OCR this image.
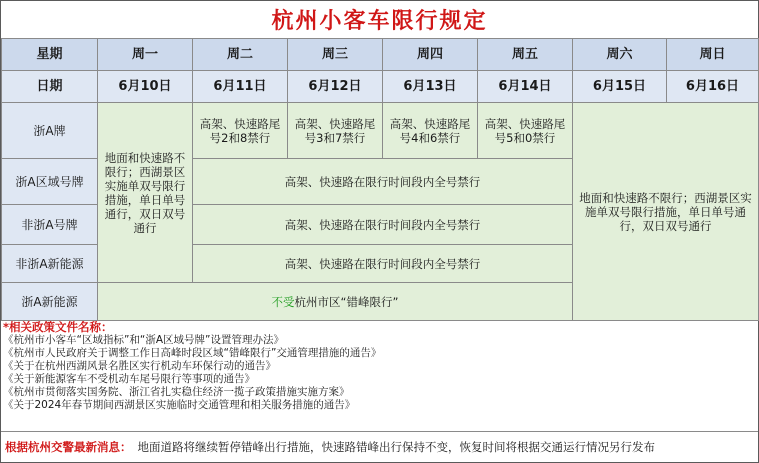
杭州小客车限行规定
星期	周一	周二	周三	周四	周五	周六	周日
日期	6月10日	6月11日	6月12日	6月13日	6月14日	6月15日	6月16日
浙A牌	地面和快速路不限行；西湖景区实施单双号限行措施，单日单号通行，双日双号通行	高架、快速路尾号2和8禁行	高架、快速路尾号3和7禁行	高架、快速路尾号4和6禁行	高架、快速路尾号5和0禁行	地面和快速路不限行；西湖景区实施单双号限行措施，单日单号通行，双日双号通行	
浙A区域号牌		高架、快速路在限行时间段内全号禁行					
非浙A号牌		高架、快速路在限行时间段内全号禁行					
非浙A新能源		高架、快速路在限行时间段内全号禁行					
浙A新能源	不受杭州市区“错峰限行”						
*相关政策文件名称：
《杭州市小客车“区域指标”和“浙A区域号牌”设置管理办法》
《杭州市人民政府关于调整工作日高峰时段区域“错峰限行”交通管理措施的通告》
《关于在杭州西湖风景名胜区实行机动车环保行动的通告》
《关于新能源客车不受机动车尾号限行等事项的通告》
《杭州市贯彻落实国务院、浙江省扎实稳住经济一揽子政策措施实施方案》
《关于2024年春节期间西湖景区实施临时交通管理和相关服务措施的通告》
根据杭州交警最新消息： 地面道路将继续暂停错峰出行措施，快速路错峰出行保持不变，恢复时间将根据交通运行情况另行发布
